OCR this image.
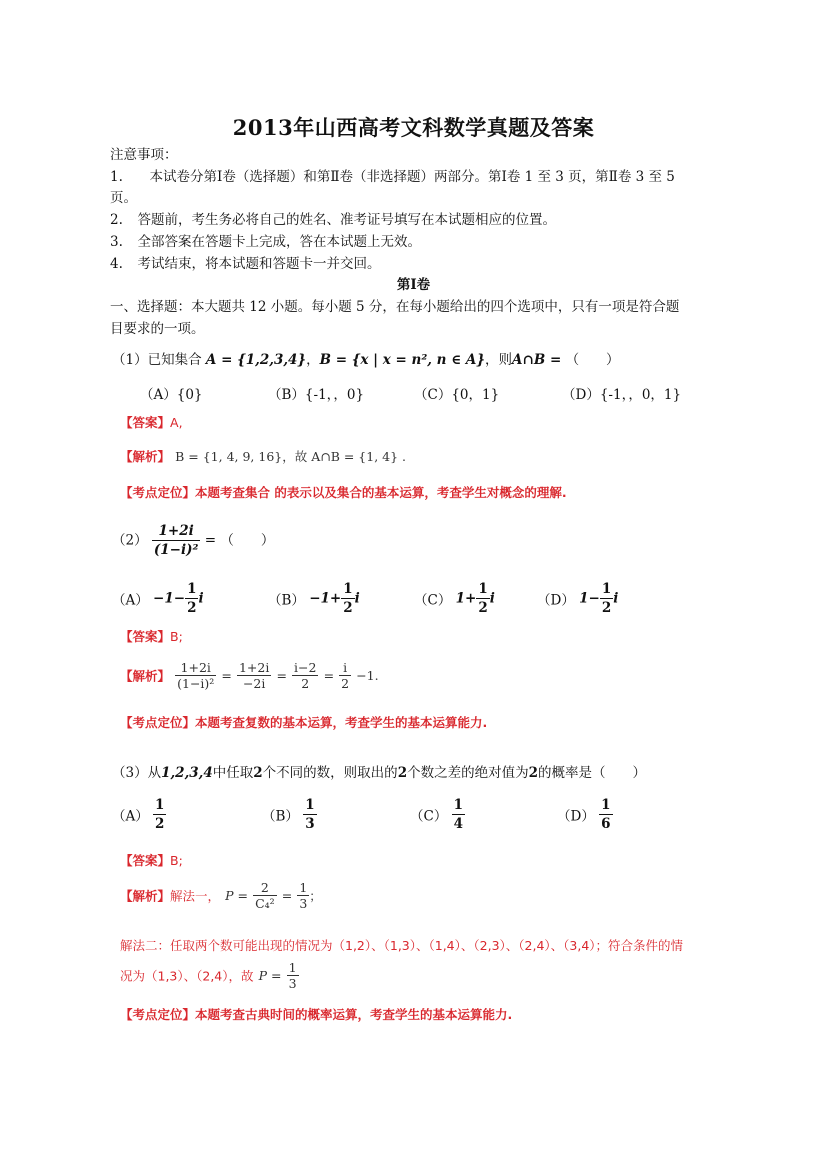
2013年山西高考文科数学真题及答案
注意事项：
1. 本试卷分第Ⅰ卷（选择题）和第Ⅱ卷（非选择题）两部分。第Ⅰ卷 1 至 3 页，第Ⅱ卷 3 至 5
页。
2. 答题前，考生务必将自己的姓名、准考证号填写在本试题相应的位置。
3. 全部答案在答题卡上完成，答在本试题上无效。
4. 考试结束，将本试题和答题卡一并交回。
第Ⅰ卷
一、选择题：本大题共 12 小题。每小题 5 分，在每小题给出的四个选项中，只有一项是符合题
目要求的一项。
（1）已知集合 A = {1,2,3,4}，B = {x | x = n², n ∈ A}，则A∩B = （　　）
（A）{0}	（B）{-1，，0}	（C）{0，1}	（D）{-1，，0，1}
【答案】A,
【解析】 B = {1, 4, 9, 16}，故 A∩B = {1, 4} .
【考点定位】本题考查集合 的表示以及集合的基本运算，考查学生对概念的理解.
$(2) \frac{1+2i}{\text{(1−i)²}}$ = （　　）
$(A) -1- \frac{1}{2}$ i	$(B) -1+ \frac{1}{2}$ i	（C） $1+ \frac{1}{2}$ i	（D） $1- \frac{1}{2}$ i
【答案】B;
【解析】 $\frac{1+2i}{\text{(1−i)²}} = \frac{1+2i}{-2i} = \frac{i-2}{2} = \frac{i}{2} -1$.
【考点定位】本题考查复数的基本运算，考查学生的基本运算能力.
（3）从1,2,3,4中任取2个不同的数，则取出的2个数之差的绝对值为2的概率是（　　）
$(A) \frac{1}{2}$	$(B) \frac{1}{3}$	$(C) \frac{1}{4}$	$(D) \frac{1}{6}$
【答案】B;
【解析】解法一， $P = \frac{2}{\text{C₄²}} = \frac{1}{3}$ ；
解法二：任取两个数可能出现的情况为（1,2）、（1,3）、（1,4）、（2,3）、（2,4）、（3,4）；符合条件的情
况为（1,3）、（2,4），故 $P = \frac{1}{3}$
【考点定位】本题考查古典时间的概率运算，考查学生的基本运算能力.
